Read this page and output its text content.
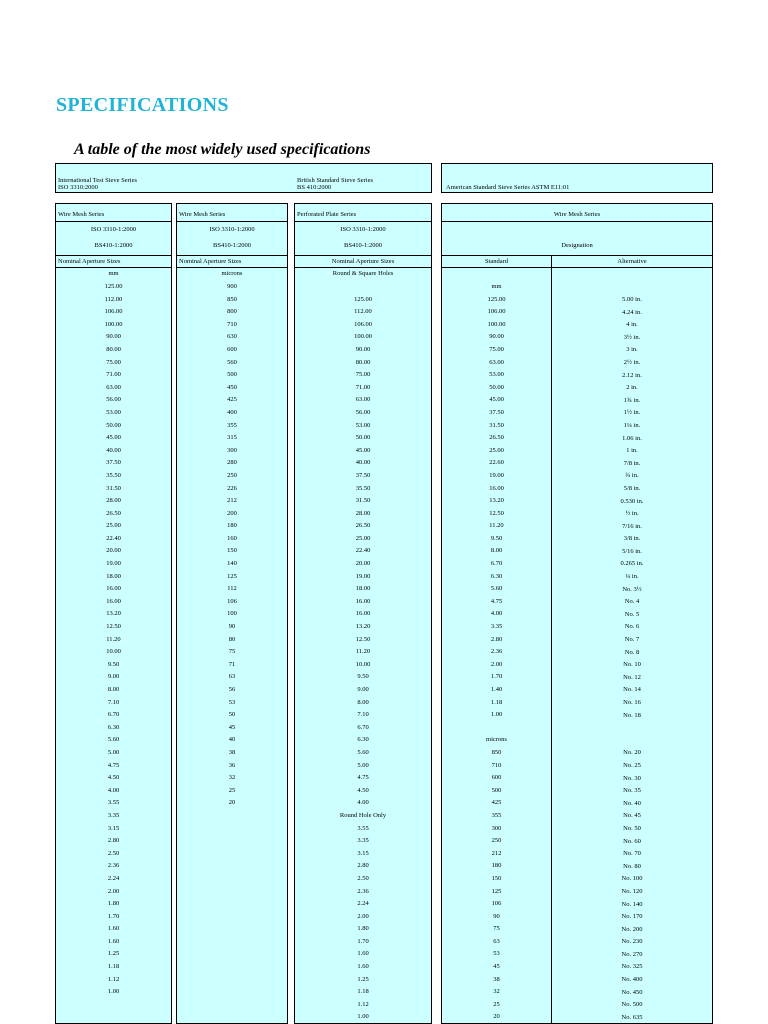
SPECIFICATIONS
A table of the most widely used specifications
International Test Sieve Series
ISO 3310:2000
British Standard Sieve Series
BS 410:2000	American Standard Sieve Series ASTM E11:01
Wire Mesh Series
ISO 3310-1:2000
BS410-1:2000
Nominal Aperture Sizes
mm
125.00
112.00
106.00
100.00
90.00
80.00
75.00
71.00
63.00
56.00
53.00
50.00
45.00
40.00
37.50
35.50
31.50
28.00
26.50
25.00
22.40
20.00
19.00
18.00
16.00
16.00
13.20
12.50
11.20
10.00
9.50
9.00
8.00
7.10
6.70
6.30
5.60
5.00
4.75
4.50
4.00
3.55
3.35
3.15
2.80
2.50
2.36
2.24
2.00
1.80
1.70
1.60
1.60
1.25
1.18
1.12
1.00
Wire Mesh Series
ISO 3310-1:2000
BS410-1:2000
Nominal Aperture Sizes
microns
900
850
800
710
630
600
560
500
450
425
400
355
315
300
280
250
226
212
200
180
160
150
140
125
112
106
100
90
80
75
71
63
56
53
50
45
40
38
36
32
25
20
Perforated Plate Series
ISO 3310-1:2000
BS410-1:2000
Nominal Aperture Sizes
Round & Square Holes
125.00
112.00
106.00
100.00
90.00
80.00
75.00
71.00
63.00
56.00
53.00
50.00
45.00
40.00
37.50
35.50
31.50
28.00
26.50
25.00
22.40
20.00
19.00
18.00
16.00
16.00
13.20
12.50
11.20
10.00
9.50
9.00
8.00
7.10
6.70
6.30
5.60
5.00
4.75
4.50
4.00
Round Hole Only
3.55
3.35
3.15
2.80
2.50
2.36
2.24
2.00
1.80
1.70
1.60
1.60
1.25
1.18
1.12
1.00
Wire Mesh Series
Designation
Standard	Alternative
mm
125.00
106.00
100.00
90.00
75.00
63.00
53.00
50.00
45.00
37.50
31.50
26.50
25.00
22.60
19.00
16.00
13.20
12.50
11.20
9.50
8.00
6.70
6.30
5.60
4.75
4.00
3.35
2.80
2.36
2.00
1.70
1.40
1.18
1.00
microns
850
710
600
500
425
355
300
250
212
180
150
125
106
90
75
63
53
45
38
32
25
20
5.00 in.
4.24 in.
4 in.
3½ in.
3 in.
2½ in.
2.12 in.
2 in.
1¾ in.
1½ in.
1¼ in.
1.06 in.
1 in.
7/8 in.
¾ in.
5/8 in.
0.530 in.
½ in.
7/16 in.
3/8 in.
5/16 in.
0.265 in.
¼ in.
No. 3½
No. 4
No. 5
No. 6
No. 7
No. 8
No. 10
No. 12
No. 14
No. 16
No. 18
No. 20
No. 25
No. 30
No. 35
No. 40
No. 45
No. 50
No. 60
No. 70
No. 80
No. 100
No. 120
No. 140
No. 170
No. 200
No. 230
No. 270
No. 325
No. 400
No. 450
No. 500
No. 635
